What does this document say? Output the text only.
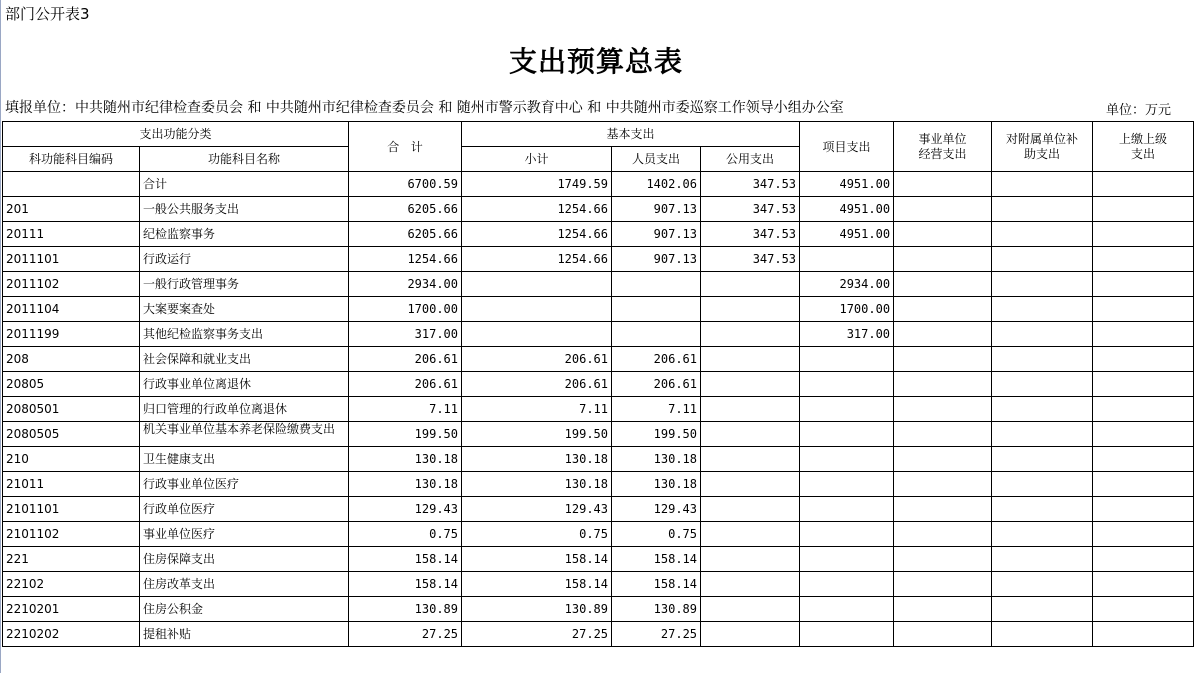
部门公开表3
支出预算总表
填报单位：中共随州市纪律检查委员会 和 中共随州市纪律检查委员会 和 随州市警示教育中心 和 中共随州市委巡察工作领导小组办公室	单位：万元
支出功能分类		合   计	基本支出			项目支出	事业单位经营支出	对附属单位补助支出	上缴上级支出
科功能科目编码	功能科目名称		小计	人员支出	公用支出				
	合计	6700.59	1749.59	1402.06	347.53	4951.00			
201	一般公共服务支出	6205.66	1254.66	907.13	347.53	4951.00			
20111	纪检监察事务	6205.66	1254.66	907.13	347.53	4951.00			
2011101	行政运行	1254.66	1254.66	907.13	347.53				
2011102	一般行政管理事务	2934.00				2934.00			
2011104	大案要案查处	1700.00				1700.00			
2011199	其他纪检监察事务支出	317.00				317.00			
208	社会保障和就业支出	206.61	206.61	206.61					
20805	行政事业单位离退休	206.61	206.61	206.61					
2080501	归口管理的行政单位离退休	7.11	7.11	7.11					
2080505	机关事业单位基本养老保险缴费支出	199.50	199.50	199.50					
210	卫生健康支出	130.18	130.18	130.18					
21011	行政事业单位医疗	130.18	130.18	130.18					
2101101	行政单位医疗	129.43	129.43	129.43					
2101102	事业单位医疗	0.75	0.75	0.75					
221	住房保障支出	158.14	158.14	158.14					
22102	住房改革支出	158.14	158.14	158.14					
2210201	住房公积金	130.89	130.89	130.89					
2210202	提租补贴	27.25	27.25	27.25					
